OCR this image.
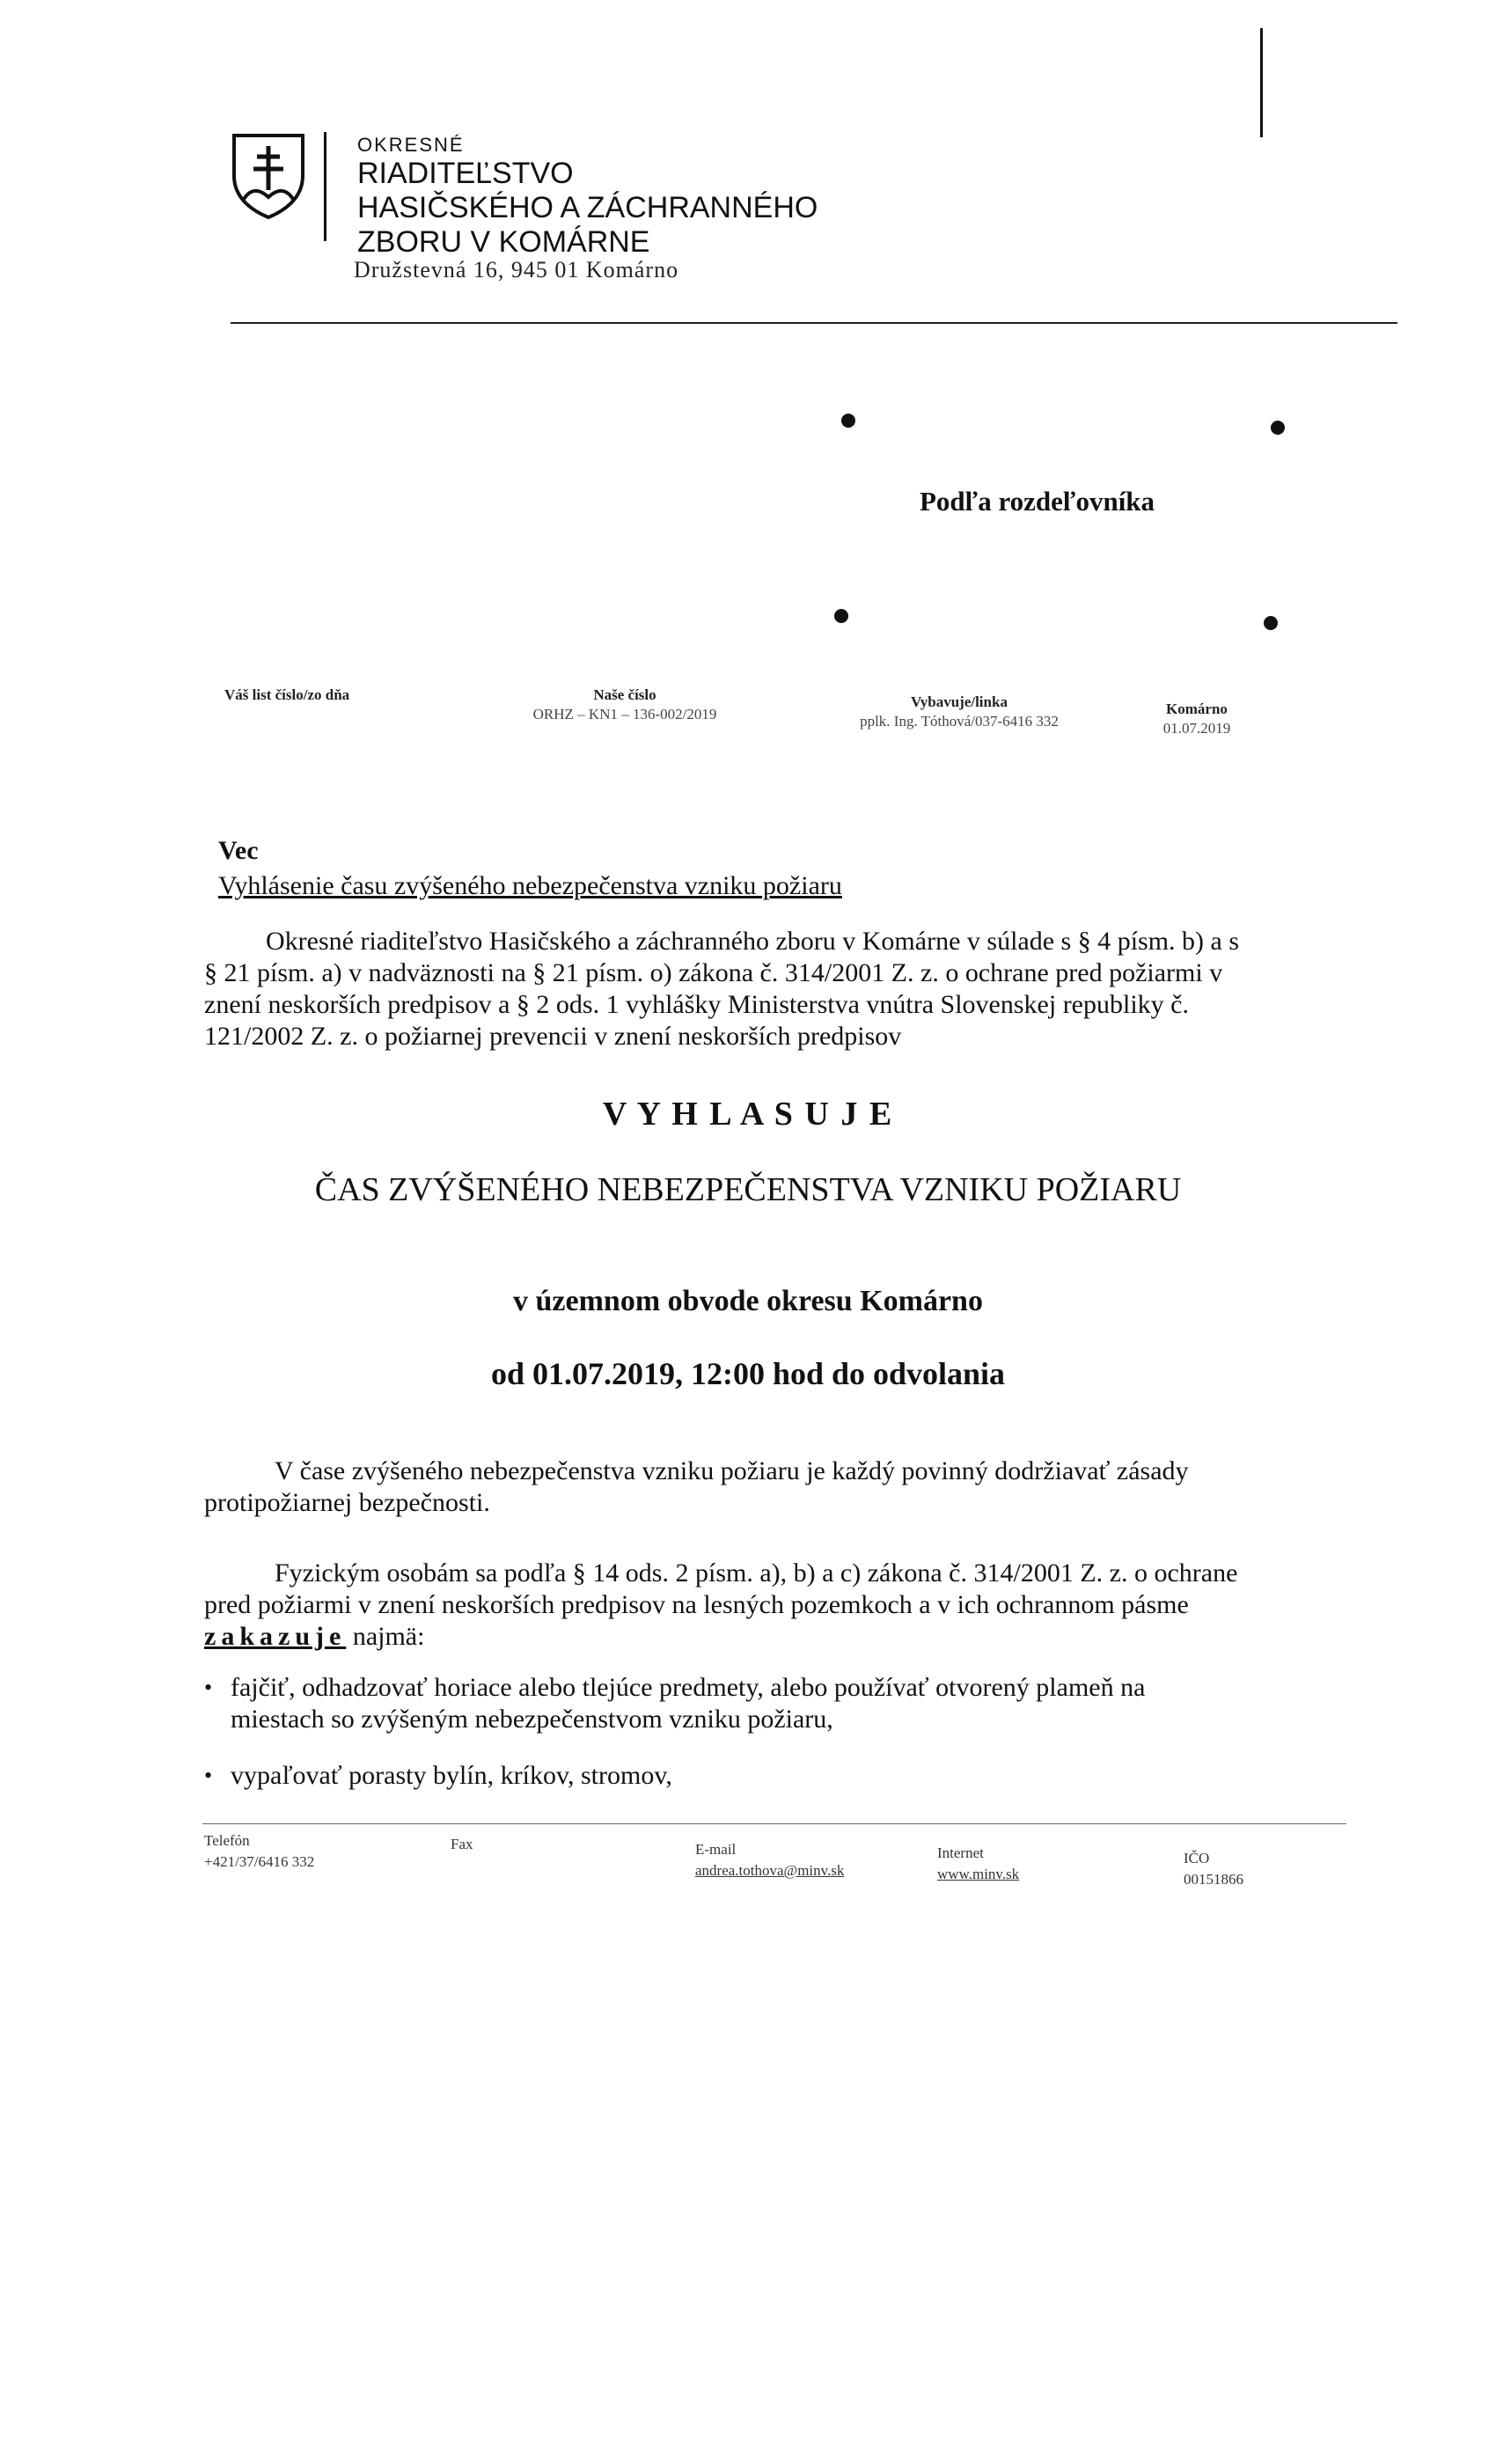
OKRESNÉ
RIADITEĽSTVO
HASIČSKÉHO A ZÁCHRANNÉHO
ZBORU V KOMÁRNE
Družstevná 16, 945 01 Komárno
Podľa rozdeľovníka
Váš list číslo/zo dňa	Naše číslo
ORHZ – KN1 – 136-002/2019
Vybavuje/linka
pplk. Ing. Tóthová/037-6416 332
Komárno
01.07.2019
Vec
Vyhlásenie času zvýšeného nebezpečenstva vzniku požiaru
Okresné riaditeľstvo Hasičského a záchranného zboru v Komárne v súlade s § 4 písm. b) a s
§ 21 písm. a) v nadväznosti na § 21 písm. o) zákona č. 314/2001 Z. z. o ochrane pred požiarmi v
znení neskorších predpisov a § 2 ods. 1 vyhlášky Ministerstva vnútra Slovenskej republiky č.
121/2002 Z. z. o požiarnej prevencii v znení neskorších predpisov
V Y H L A S U J E
ČAS ZVÝŠENÉHO NEBEZPEČENSTVA VZNIKU POŽIARU
v územnom obvode okresu Komárno
od 01.07.2019, 12:00 hod do odvolania
V čase zvýšeného nebezpečenstva vzniku požiaru je každý povinný dodržiavať zásady
protipožiarnej bezpečnosti.
Fyzickým osobám sa podľa § 14 ods. 2 písm. a), b) a c) zákona č. 314/2001 Z. z. o ochrane
pred požiarmi v znení neskorších predpisov na lesných pozemkoch a v ich ochrannom pásme
zakazuje najmä:
• fajčiť, odhadzovať horiace alebo tlejúce predmety, alebo používať otvorený plameň na
miestach so zvýšeným nebezpečenstvom vzniku požiaru,
• vypaľovať porasty bylín, kríkov, stromov,
Telefón
+421/37/6416 332
Fax	E-mail
andrea.tothova@minv.sk
Internet
www.minv.sk
IČO
00151866
